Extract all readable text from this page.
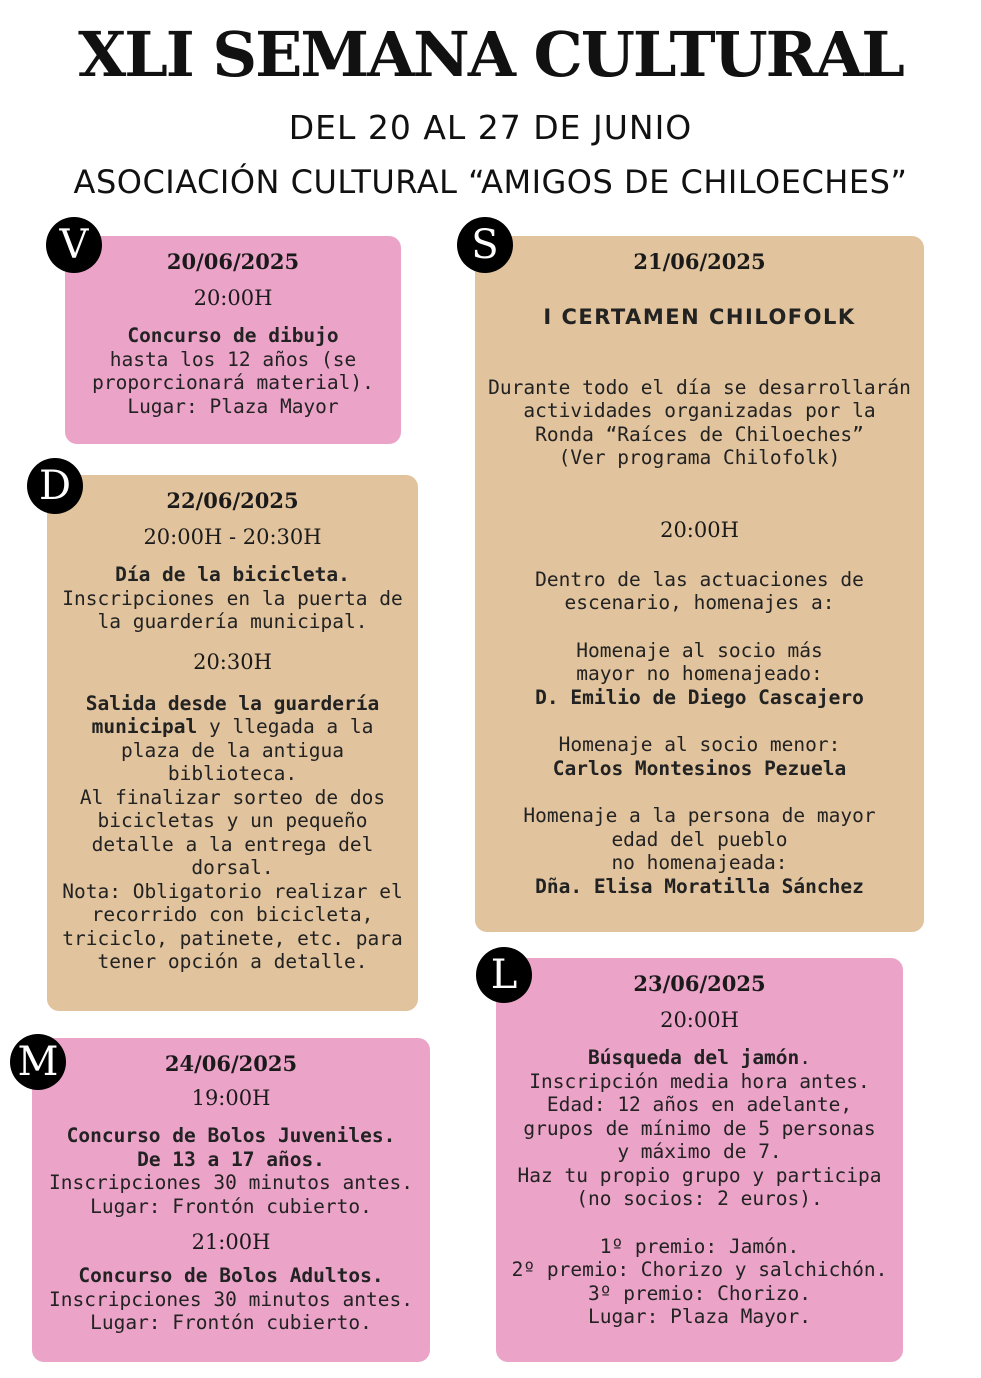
XLI SEMANA CULTURAL
DEL 20 AL 27 DE JUNIO
ASOCIACIÓN CULTURAL “AMIGOS DE CHILOECHES”
20/06/2025
20:00H
Concurso de dibujo
hasta los 12 años (se
proporcionará material).
Lugar: Plaza Mayor
V	21/06/2025
I CERTAMEN CHILOFOLK
Durante todo el día se desarrollarán
actividades organizadas por la
Ronda “Raíces de Chiloeches”
(Ver programa Chilofolk)
20:00H
Dentro de las actuaciones de
escenario, homenajes a:
Homenaje al socio más
mayor no homenajeado:
D. Emilio de Diego Cascajero
Homenaje al socio menor:
Carlos Montesinos Pezuela
Homenaje a la persona de mayor
edad del pueblo
no homenajeada:
Dña. Elisa Moratilla Sánchez
S
22/06/2025
20:00H - 20:30H
Día de la bicicleta.
Inscripciones en la puerta de
la guardería municipal.
20:30H
Salida desde la guardería
municipal y llegada a la
plaza de la antigua
biblioteca.
Al finalizar sorteo de dos
bicicletas y un pequeño
detalle a la entrega del
dorsal.
Nota: Obligatorio realizar el
recorrido con bicicleta,
triciclo, patinete, etc. para
tener opción a detalle.
D
23/06/2025
20:00H
Búsqueda del jamón.
Inscripción media hora antes.
Edad: 12 años en adelante,
grupos de mínimo de 5 personas
y máximo de 7.
Haz tu propio grupo y participa
(no socios: 2 euros).
1º premio: Jamón.
2º premio: Chorizo y salchichón.
3º premio: Chorizo.
Lugar: Plaza Mayor.
L
24/06/2025
19:00H
Concurso de Bolos Juveniles.
De 13 a 17 años.
Inscripciones 30 minutos antes.
Lugar: Frontón cubierto.
21:00H
Concurso de Bolos Adultos.
Inscripciones 30 minutos antes.
Lugar: Frontón cubierto.
M
